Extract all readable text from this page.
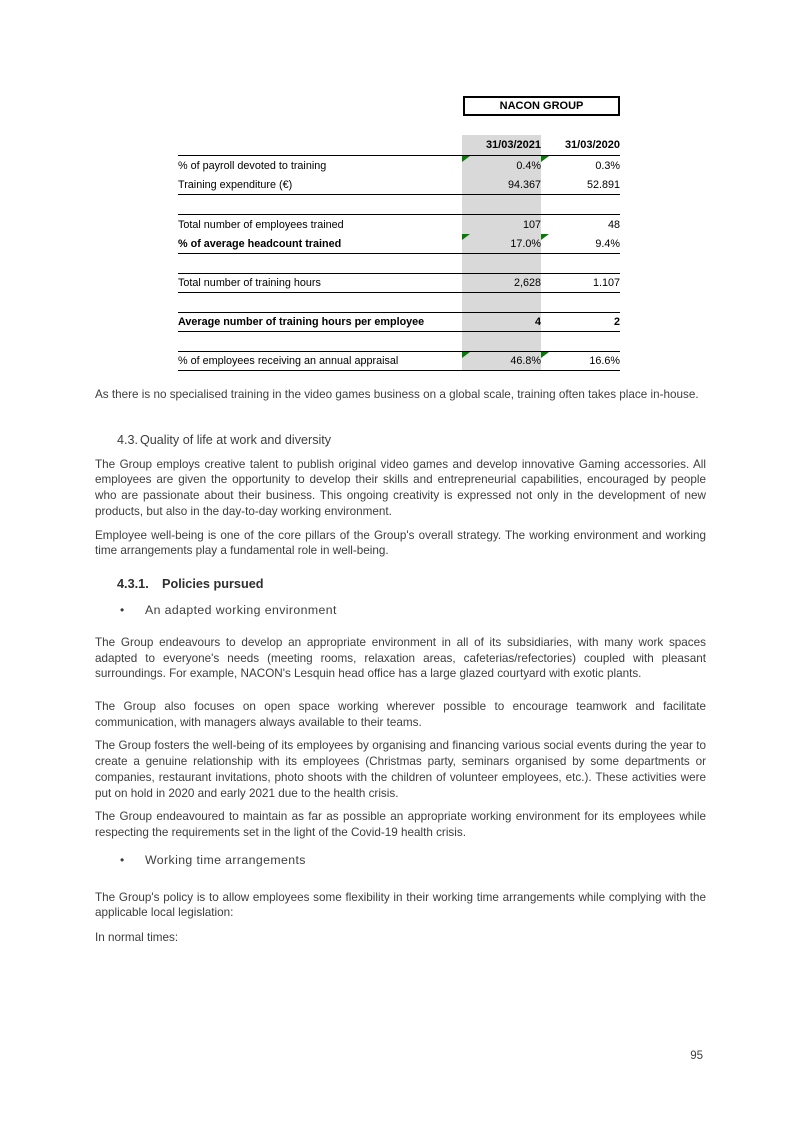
NACON GROUP
	31/03/2021	31/03/2020
% of payroll devoted to training	0.4%	0.3%
Training expenditure (€)	94.367	52.891

Total number of employees trained	107	48
% of average headcount trained	17.0%	9.4%

Total number of training hours	2,628	1.107

Average number of training hours per employee	4	2

% of employees receiving an annual appraisal	46.8%	16.6%

As there is no specialised training in the video games business on a global scale, training often takes place in-house.

4.3. Quality of life at work and diversity

The Group employs creative talent to publish original video games and develop innovative Gaming accessories. All employees are given the opportunity to develop their skills and entrepreneurial capabilities, encouraged by people who are passionate about their business. This ongoing creativity is expressed not only in the development of new products, but also in the day-to-day working environment.

Employee well-being is one of the core pillars of the Group's overall strategy. The working environment and working time arrangements play a fundamental role in well-being.

4.3.1. Policies pursued
•	An adapted working environment

The Group endeavours to develop an appropriate environment in all of its subsidiaries, with many work spaces adapted to everyone's needs (meeting rooms, relaxation areas, cafeterias/refectories) coupled with pleasant surroundings. For example, NACON's Lesquin head office has a large glazed courtyard with exotic plants.

The Group also focuses on open space working wherever possible to encourage teamwork and facilitate communication, with managers always available to their teams.

The Group fosters the well-being of its employees by organising and financing various social events during the year to create a genuine relationship with its employees (Christmas party, seminars organised by some departments or companies, restaurant invitations, photo shoots with the children of volunteer employees, etc.). These activities were put on hold in 2020 and early 2021 due to the health crisis.

The Group endeavoured to maintain as far as possible an appropriate working environment for its employees while respecting the requirements set in the light of the Covid-19 health crisis.

•	Working time arrangements

The Group's policy is to allow employees some flexibility in their working time arrangements while complying with the applicable local legislation:

In normal times:

95
